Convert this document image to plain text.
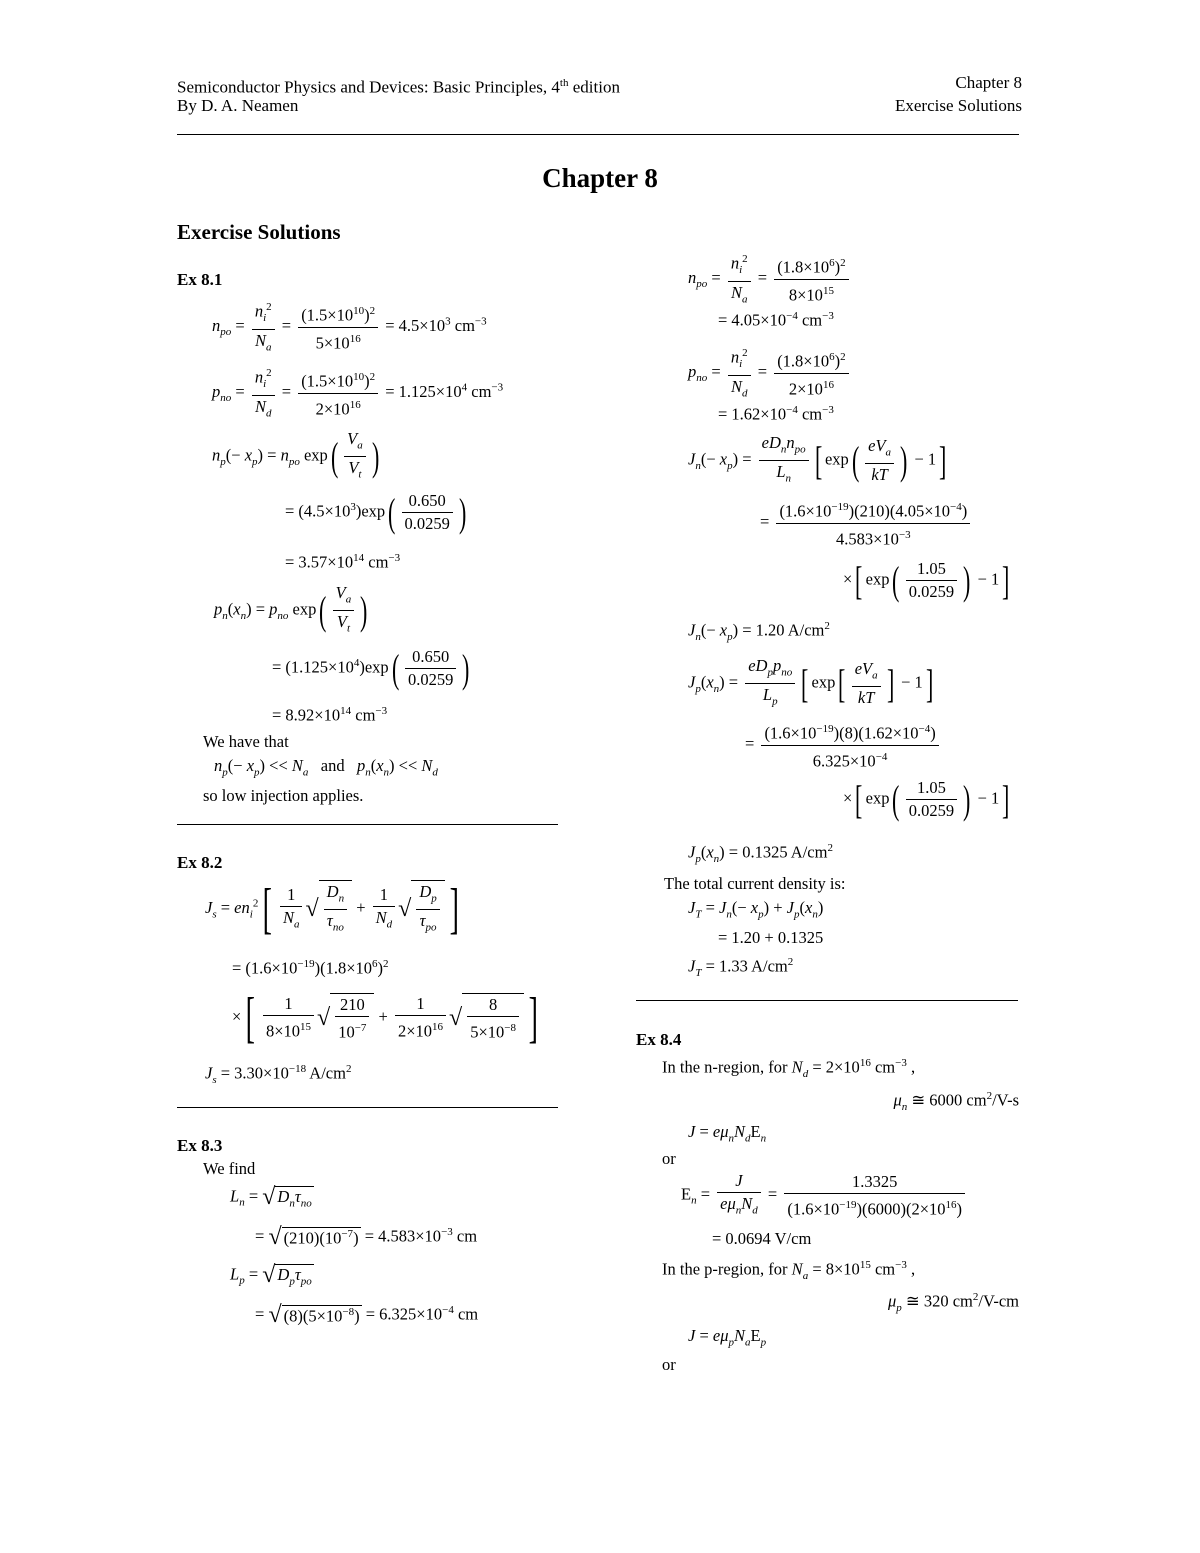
Semiconductor Physics and Devices: Basic Principles, 4th edition
By D. A. Neamen
Chapter 8
Exercise Solutions
Chapter 8
Exercise Solutions
Ex 8.1
$n_{po} = \frac{n_i^2}{N_a} = \frac{(1.5\times 10^{10})^2}{5\times 10^{16}} = 4.5\times 10^3$ $cm^{-3}$
$p_{no} = \frac{n_i^2}{N_d} = \frac{(1.5\times 10^{10})^2}{2\times 10^{16}} = 1.125\times 10^4$ $cm^{-3}$
$n_p(- x_p) = n_{po}$ $\exp( \frac{V_a}{V_t}$ )
= $(4.5\times 10^3)\exp( \frac{0.650}{0.0259}$ )
= $3.57\times 10^{14}$ $cm^{-3}$
$p_n(x_n) = p_{no}$ $\exp( \frac{V_a}{V_t}$ )
= $(1.125\times 10^4)\exp( \frac{0.650}{0.0259}$ )
= $8.92\times 10^{14}$ $cm^{-3}$
We have that
$n_p(- x_p) << N_a$ and $p_n(x_n) << N_d$
so low injection applies.
Ex 8.2
$J_s = en_i^2[ \frac{1}{N_a}$ √ $\frac{D_n}{\tau_{no}} + \frac{1}{N_d}$ √ $\frac{D_p}{\tau_{po}}$ ]
= $(1.6\times 10^{-19})(1.8\times 10^6)^2$
×[ $\frac{1}{8\times 10^{15}}$ √ $\frac{210}{10^{-7}} + \frac{1}{2\times 10^{16}}$ √ $\frac{8}{5\times 10^{-8}}$ ]
$J_s = 3.30\times 10^{-18}$ $A/cm^2$
Ex 8.3
We find
$L_n$ = √ $D_n\tau_{no}$
= √ $(210)(10^{-7}) = 4.583\times 10^{-3}$ cm
$L_p$ = √ $D_p\tau_{po}$
= √ $(8)(5\times 10^{-8}) = 6.325\times 10^{-4}$ cm
$n_{po} = \frac{n_i^2}{N_a} = \frac{(1.8\times 10^6)^2}{8\times 10^{15}}$
= $4.05\times 10^{-4}$ $cm^{-3}$
$p_{no} = \frac{n_i^2}{N_d} = \frac{(1.8\times 10^6)^2}{2\times 10^{16}}$
= $1.62\times 10^{-4}$ $cm^{-3}$
$J_n(- x_p) = \frac{eD_nn_{po}}{L_n}$ [ $\exp( \frac{eV_a}{kT}$ ) − 1]
= $\frac{(1.6\times 10^{-19})(210)(4.05\times 10^{-4})}{4.583\times 10^{-3}}$
×[ $\exp( \frac{1.05}{0.0259}$ ) − 1]
$J_n(- x_p) = 1.20$ $A/cm^2$
$J_p(x_n) = \frac{eD_pp_{no}}{L_p}$ [ $\exp[ \frac{eV_a}{kT}$ ] − 1]
= $\frac{(1.6\times 10^{-19})(8)(1.62\times 10^{-4})}{6.325\times 10^{-4}}$
×[ $\exp( \frac{1.05}{0.0259}$ ) − 1]
$J_p(x_n) = 0.1325$ $A/cm^2$
The total current density is:
$J_T = J_n(- x_p) + J_p(x_n)$
= 1.20 + 0.1325
$J_T = 1.33$ $A/cm^2$
Ex 8.4
In the n-region, for $N_d = 2\times 10^{16}$ $cm^{-3}$ ,
$\mu_n$ ≅ 6000 $cm^2/V-s$
$J = e\mu_nN_dE_n$
or
$E_n = \frac{J}{e\mu_nN_d} = \frac{1.3325}{(1.6\times 10^{-19})(6000)(2\times 10^{16})}$
= 0.0694 V/cm
In the p-region, for $N_a = 8\times 10^{15}$ $cm^{-3}$ ,
$\mu_p$ ≅ 320 $cm^2/V-cm$
$J = e\mu_pN_aE_p$
or
